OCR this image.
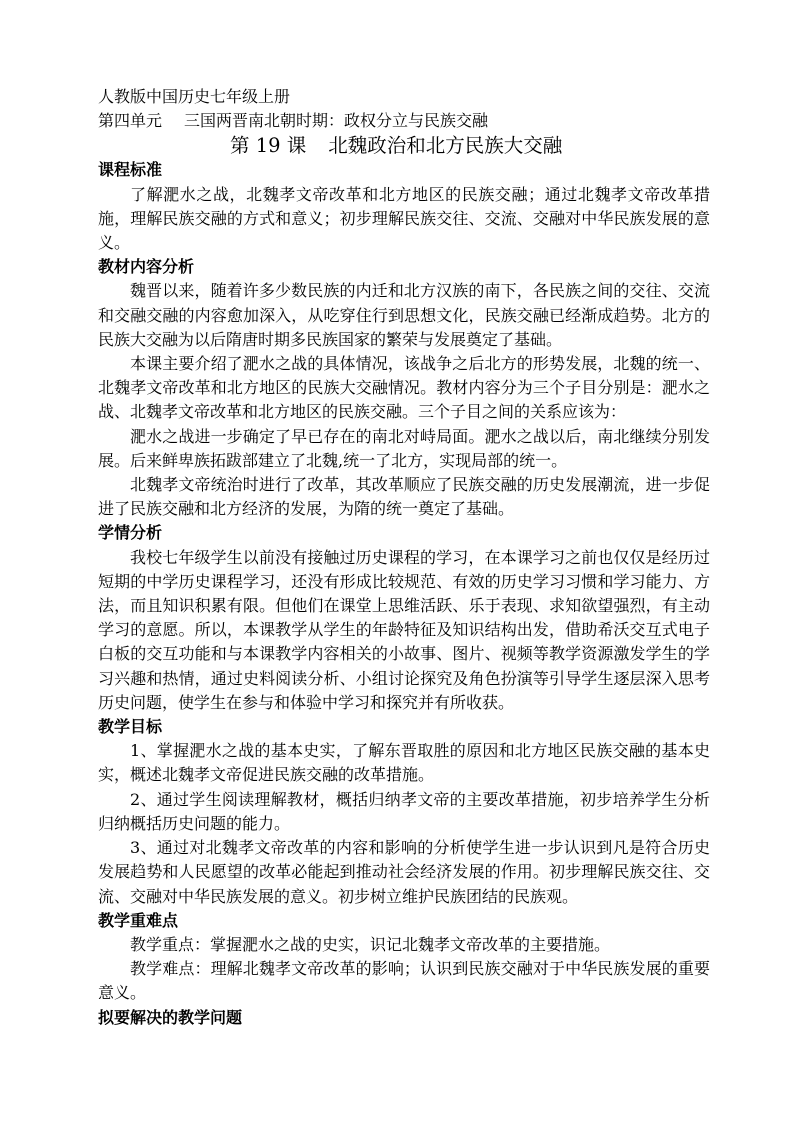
人教版中国历史七年级上册
第四单元 三国两晋南北朝时期：政权分立与民族交融
第 19 课 北魏政治和北方民族大交融
课程标准

了解淝水之战，北魏孝文帝改革和北方地区的民族交融；通过北魏孝文帝改革措施，理解民族交融的方式和意义；初步理解民族交往、交流、交融对中华民族发展的意义。

教材内容分析

魏晋以来，随着许多少数民族的内迁和北方汉族的南下，各民族之间的交往、交流和交融交融的内容愈加深入，从吃穿住行到思想文化，民族交融已经渐成趋势。北方的民族大交融为以后隋唐时期多民族国家的繁荣与发展奠定了基础。

本课主要介绍了淝水之战的具体情况，该战争之后北方的形势发展，北魏的统一、北魏孝文帝改革和北方地区的民族大交融情况。教材内容分为三个子目分别是：淝水之战、北魏孝文帝改革和北方地区的民族交融。三个子目之间的关系应该为：

淝水之战进一步确定了早已存在的南北对峙局面。淝水之战以后，南北继续分别发展。后来鲜卑族拓跋部建立了北魏,统一了北方，实现局部的统一。

北魏孝文帝统治时进行了改革，其改革顺应了民族交融的历史发展潮流，进一步促进了民族交融和北方经济的发展，为隋的统一奠定了基础。

学情分析

我校七年级学生以前没有接触过历史课程的学习，在本课学习之前也仅仅是经历过短期的中学历史课程学习，还没有形成比较规范、有效的历史学习习惯和学习能力、方法，而且知识积累有限。但他们在课堂上思维活跃、乐于表现、求知欲望强烈，有主动学习的意愿。所以，本课教学从学生的年龄特征及知识结构出发，借助希沃交互式电子白板的交互功能和与本课教学内容相关的小故事、图片、视频等教学资源激发学生的学习兴趣和热情，通过史料阅读分析、小组讨论探究及角色扮演等引导学生逐层深入思考历史问题，使学生在参与和体验中学习和探究并有所收获。

教学目标

1、掌握淝水之战的基本史实，了解东晋取胜的原因和北方地区民族交融的基本史实，概述北魏孝文帝促进民族交融的改革措施。

2、通过学生阅读理解教材，概括归纳孝文帝的主要改革措施，初步培养学生分析归纳概括历史问题的能力。

3、通过对北魏孝文帝改革的内容和影响的分析使学生进一步认识到凡是符合历史发展趋势和人民愿望的改革必能起到推动社会经济发展的作用。初步理解民族交往、交流、交融对中华民族发展的意义。初步树立维护民族团结的民族观。

教学重难点

教学重点：掌握淝水之战的史实，识记北魏孝文帝改革的主要措施。

教学难点：理解北魏孝文帝改革的影响；认识到民族交融对于中华民族发展的重要意义。

拟要解决的教学问题
